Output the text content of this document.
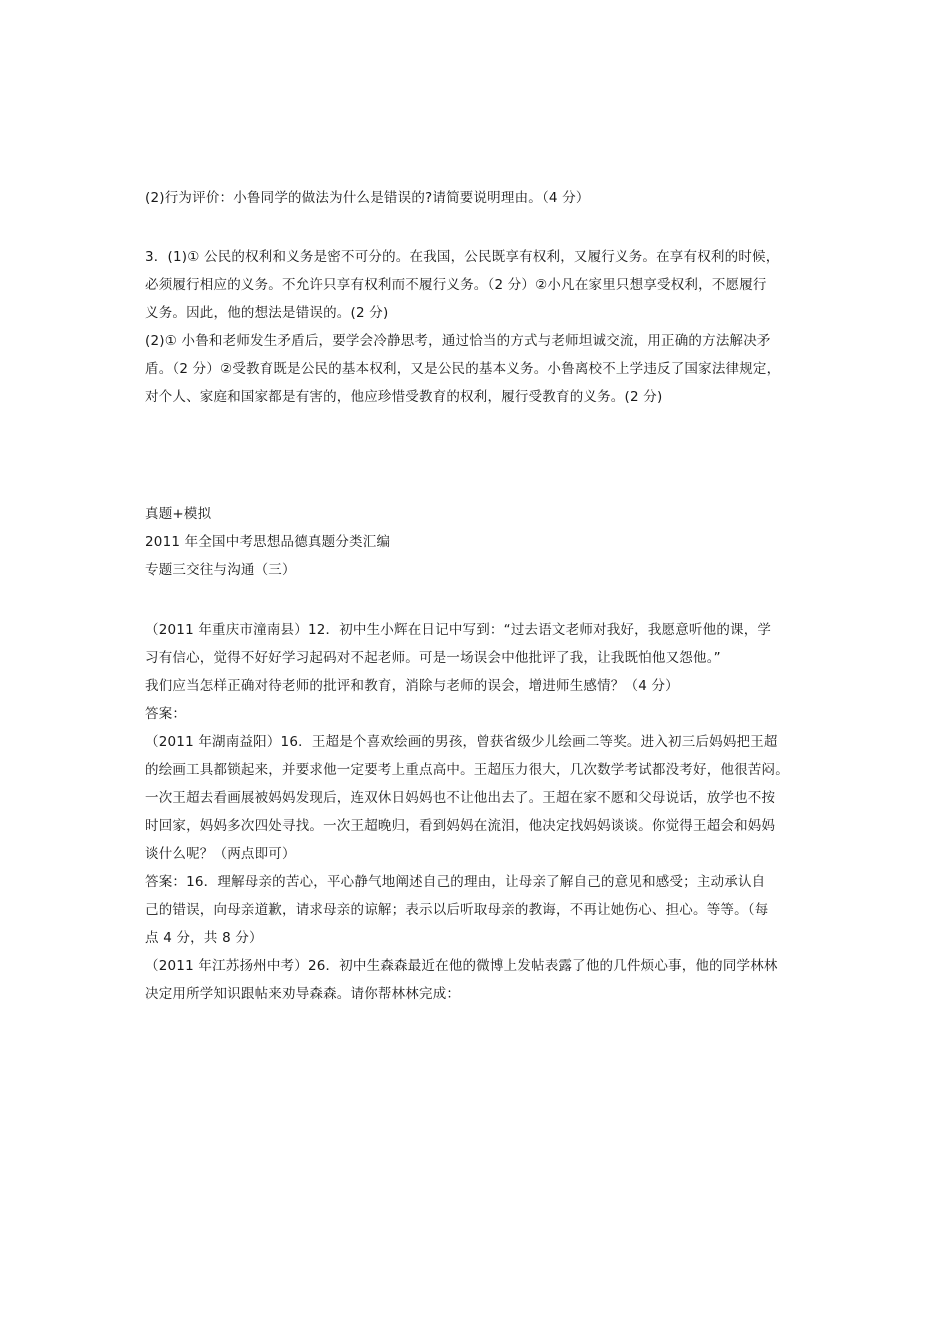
(2)行为评价：小鲁同学的做法为什么是错误的?请简要说明理由。（4 分）
3．(1)① 公民的权利和义务是密不可分的。在我国，公民既享有权利，又履行义务。在享有权利的时候，
必须履行相应的义务。不允许只享有权利而不履行义务。（2 分）②小凡在家里只想享受权利，不愿履行
义务。因此，他的想法是错误的。(2 分)
(2)① 小鲁和老师发生矛盾后，要学会冷静思考，通过恰当的方式与老师坦诚交流，用正确的方法解决矛
盾。（2 分）②受教育既是公民的基本权利，又是公民的基本义务。小鲁离校不上学违反了国家法律规定，
对个人、家庭和国家都是有害的，他应珍惜受教育的权利，履行受教育的义务。(2 分)
真题+模拟
2011 年全国中考思想品德真题分类汇编
专题三交往与沟通（三）
（2011 年重庆市潼南县）12．初中生小辉在日记中写到：“过去语文老师对我好，我愿意听他的课，学
习有信心，觉得不好好学习起码对不起老师。可是一场误会中他批评了我，让我既怕他又怨他。”
我们应当怎样正确对待老师的批评和教育，消除与老师的误会，增进师生感情？（4 分）
答案：
（2011 年湖南益阳）16．王超是个喜欢绘画的男孩，曾获省级少儿绘画二等奖。进入初三后妈妈把王超
的绘画工具都锁起来，并要求他一定要考上重点高中。王超压力很大，几次数学考试都没考好，他很苦闷。
一次王超去看画展被妈妈发现后，连双休日妈妈也不让他出去了。王超在家不愿和父母说话，放学也不按
时回家，妈妈多次四处寻找。一次王超晚归，看到妈妈在流泪，他决定找妈妈谈谈。你觉得王超会和妈妈
谈什么呢？（两点即可）
答案：16．理解母亲的苦心，平心静气地阐述自己的理由，让母亲了解自己的意见和感受；主动承认自
己的错误，向母亲道歉，请求母亲的谅解；表示以后听取母亲的教诲，不再让她伤心、担心。等等。（每
点 4 分，共 8 分）
（2011 年江苏扬州中考）26．初中生森森最近在他的微博上发帖表露了他的几件烦心事，他的同学林林
决定用所学知识跟帖来劝导森森。请你帮林林完成：
